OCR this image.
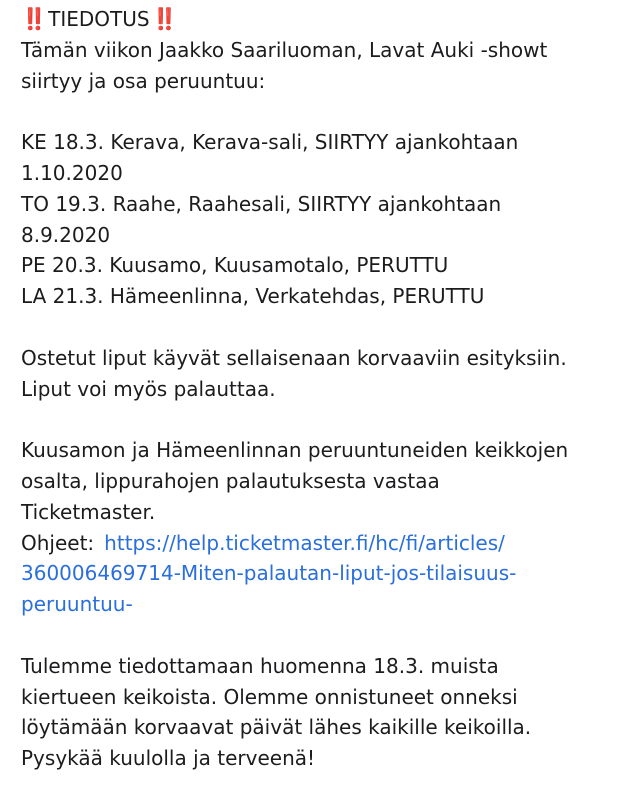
‼️ TIEDOTUS‼️
Tämän viikon Jaakko Saariluoman, Lavat Auki -showt
siirtyy ja osa peruuntuu:
KE 18.3. Kerava, Kerava-sali, SIIRTYY ajankohtaan
1.10.2020
TO 19.3. Raahe, Raahesali, SIIRTYY ajankohtaan
8.9.2020
PE 20.3. Kuusamo, Kuusamotalo, PERUTTU
LA 21.3. Hämeenlinna, Verkatehdas, PERUTTU
Ostetut liput käyvät sellaisenaan korvaaviin esityksiin.
Liput voi myös palauttaa.
Kuusamon ja Hämeenlinnan peruuntuneiden keikkojen
osalta, lippurahojen palautuksesta vastaa
Ticketmaster.
Ohjeet: https://help.ticketmaster.fi/hc/fi/articles/
360006469714-Miten-palautan-liput-jos-tilaisuus-
peruuntuu-
Tulemme tiedottamaan huomenna 18.3. muista
kiertueen keikoista. Olemme onnistuneet onneksi
löytämään korvaavat päivät lähes kaikille keikoilla.
Pysykää kuulolla ja terveenä!
